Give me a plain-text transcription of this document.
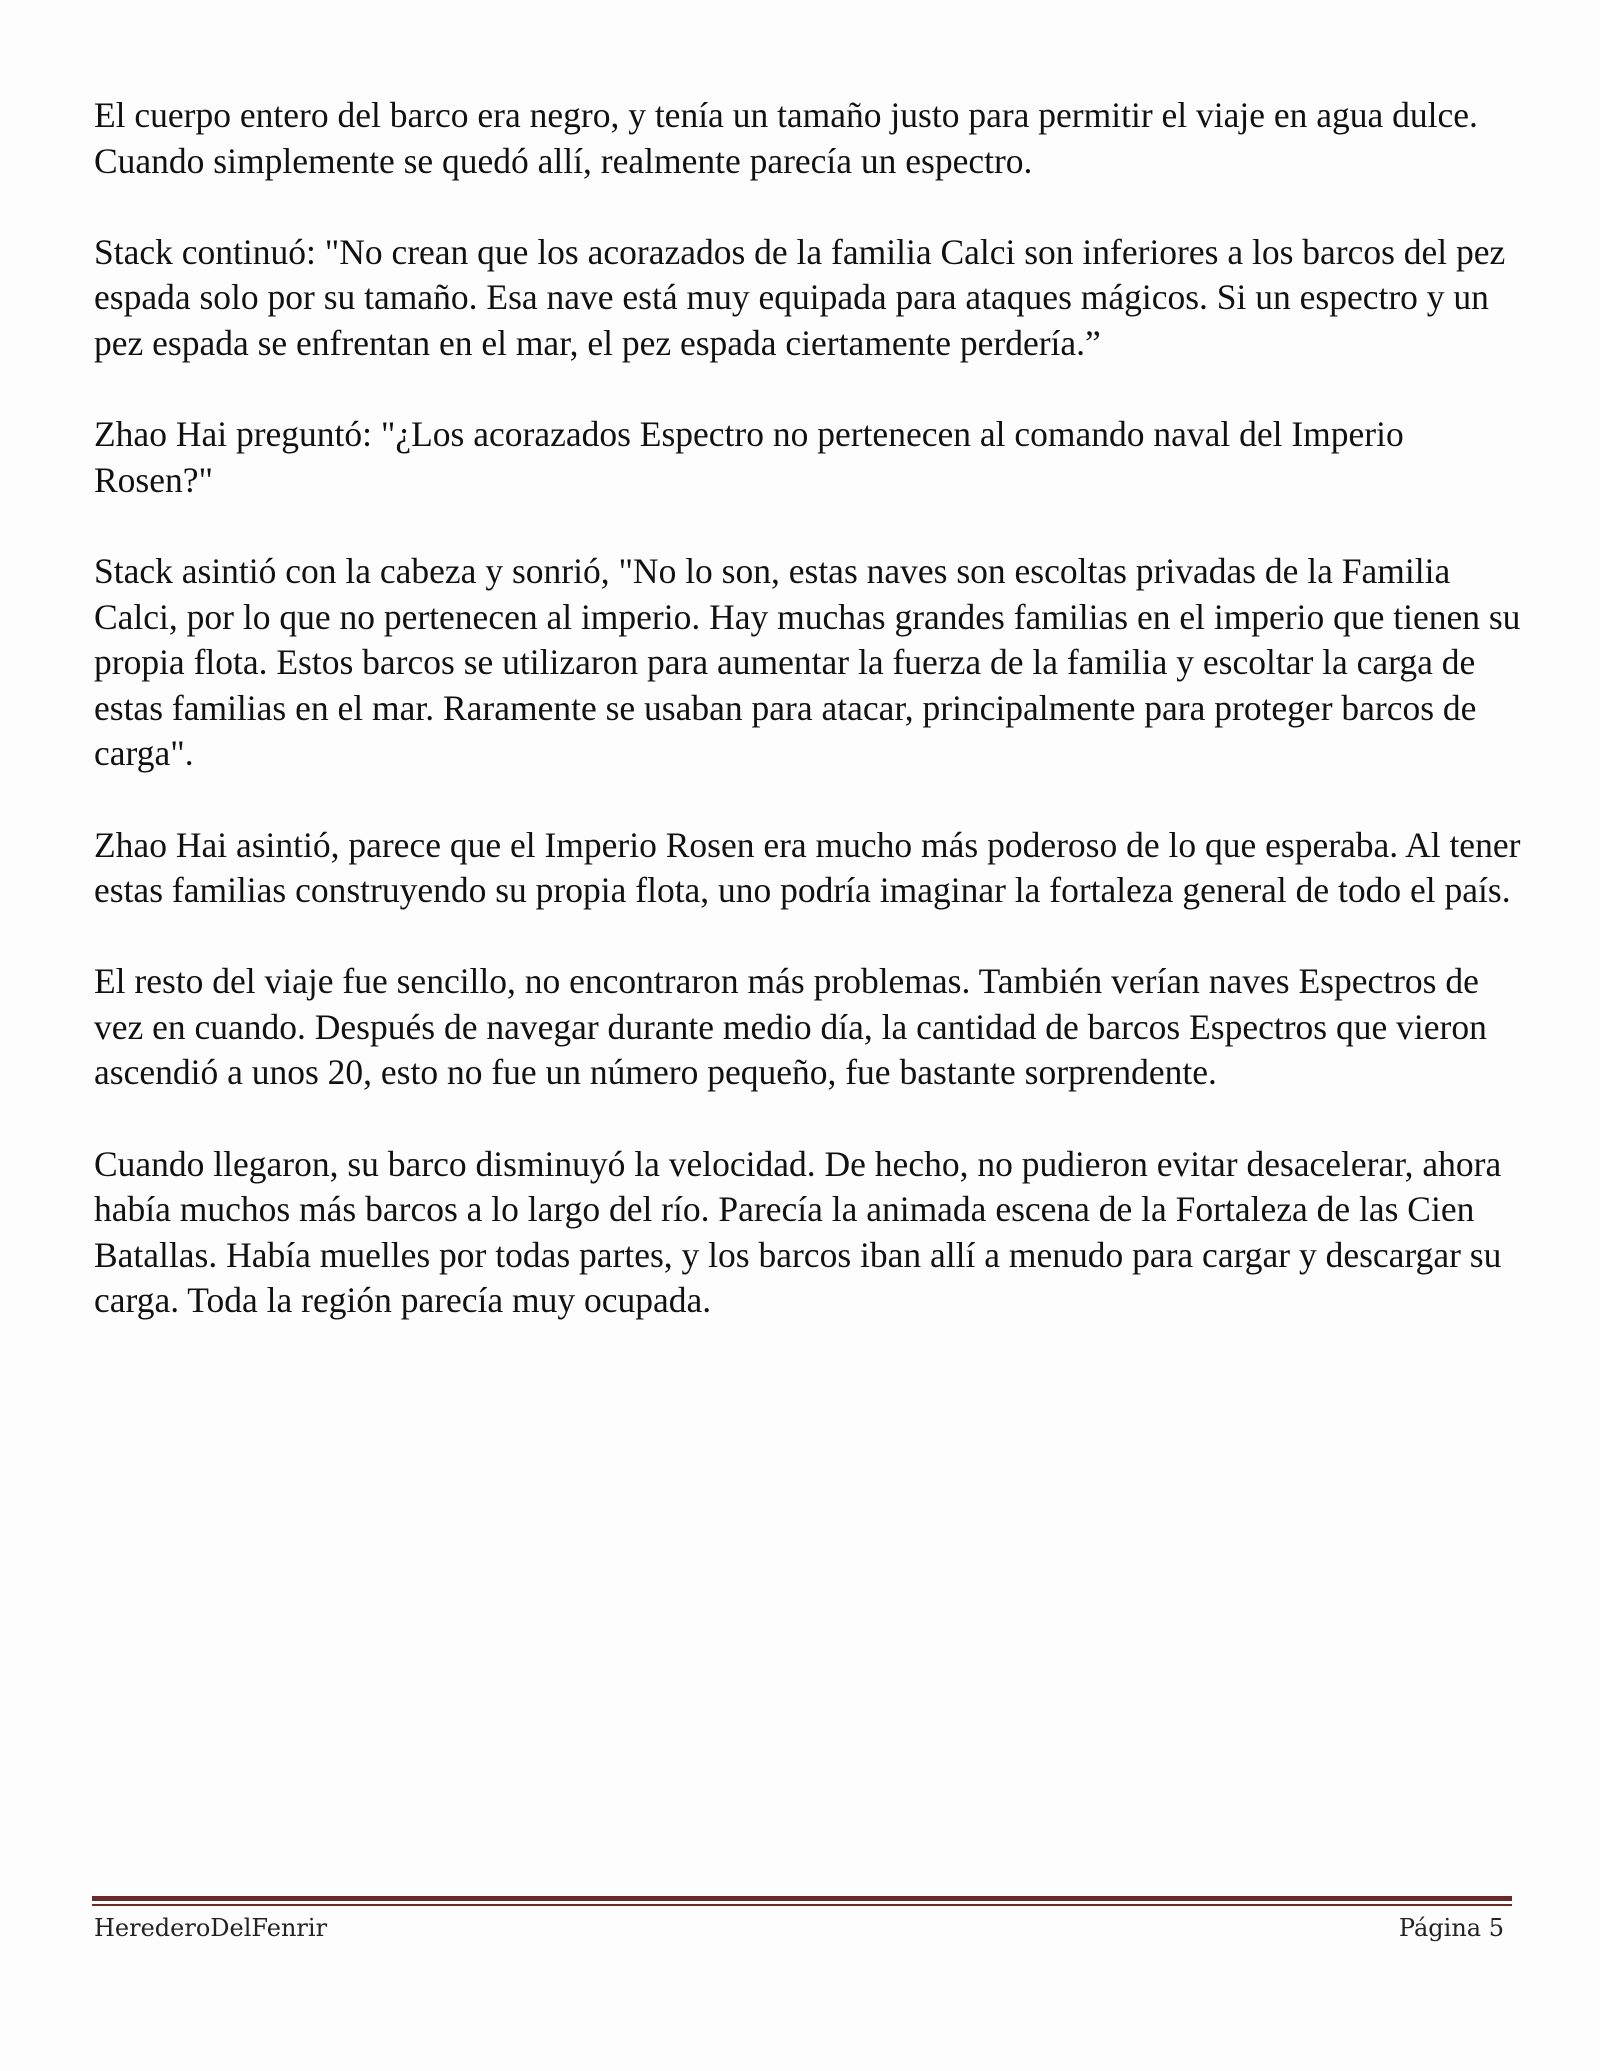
El cuerpo entero del barco era negro, y tenía un tamaño justo para permitir el viaje en agua dulce. Cuando simplemente se quedó allí, realmente parecía un espectro.

Stack continuó: "No crean que los acorazados de la familia Calci son inferiores a los barcos del pez espada solo por su tamaño. Esa nave está muy equipada para ataques mágicos. Si un espectro y un pez espada se enfrentan en el mar, el pez espada ciertamente perdería.”

Zhao Hai preguntó: "¿Los acorazados Espectro no pertenecen al comando naval del Imperio Rosen?"

Stack asintió con la cabeza y sonrió, "No lo son, estas naves son escoltas privadas de la Familia Calci, por lo que no pertenecen al imperio. Hay muchas grandes familias en el imperio que tienen su propia flota. Estos barcos se utilizaron para aumentar la fuerza de la familia y escoltar la carga de estas familias en el mar. Raramente se usaban para atacar, principalmente para proteger barcos de carga".

Zhao Hai asintió, parece que el Imperio Rosen era mucho más poderoso de lo que esperaba. Al tener estas familias construyendo su propia flota, uno podría imaginar la fortaleza general de todo el país.

El resto del viaje fue sencillo, no encontraron más problemas. También verían naves Espectros de vez en cuando. Después de navegar durante medio día, la cantidad de barcos Espectros que vieron ascendió a unos 20, esto no fue un número pequeño, fue bastante sorprendente.

Cuando llegaron, su barco disminuyó la velocidad. De hecho, no pudieron evitar desacelerar, ahora había muchos más barcos a lo largo del río. Parecía la animada escena de la Fortaleza de las Cien Batallas. Había muelles por todas partes, y los barcos iban allí a menudo para cargar y descargar su carga. Toda la región parecía muy ocupada.

HerederoDelFenrir	Página 5
